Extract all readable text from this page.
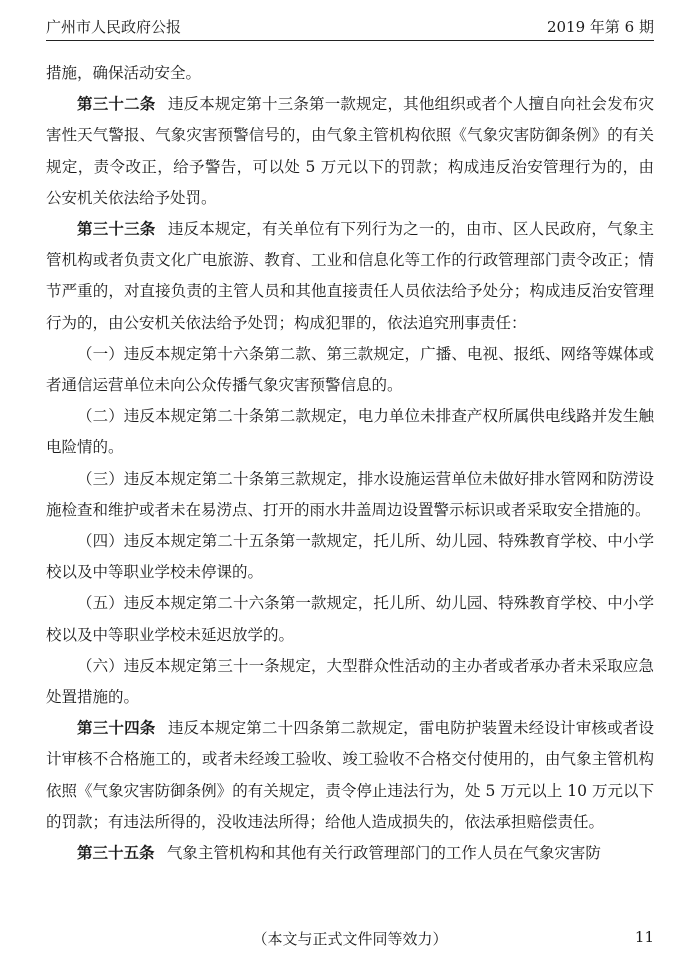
广州市人民政府公报	2019 年第 6 期

措施，确保活动安全。

第三十二条 违反本规定第十三条第一款规定，其他组织或者个人擅自向社会发布灾害性天气警报、气象灾害预警信号的，由气象主管机构依照《气象灾害防御条例》的有关规定，责令改正，给予警告，可以处 5 万元以下的罚款；构成违反治安管理行为的，由公安机关依法给予处罚。

第三十三条 违反本规定，有关单位有下列行为之一的，由市、区人民政府，气象主管机构或者负责文化广电旅游、教育、工业和信息化等工作的行政管理部门责令改正；情节严重的，对直接负责的主管人员和其他直接责任人员依法给予处分；构成违反治安管理行为的，由公安机关依法给予处罚；构成犯罪的，依法追究刑事责任：

（一）违反本规定第十六条第二款、第三款规定，广播、电视、报纸、网络等媒体或者通信运营单位未向公众传播气象灾害预警信息的。

（二）违反本规定第二十条第二款规定，电力单位未排查产权所属供电线路并发生触电险情的。

（三）违反本规定第二十条第三款规定，排水设施运营单位未做好排水管网和防涝设施检查和维护或者未在易涝点、打开的雨水井盖周边设置警示标识或者采取安全措施的。

（四）违反本规定第二十五条第一款规定，托儿所、幼儿园、特殊教育学校、中小学校以及中等职业学校未停课的。

（五）违反本规定第二十六条第一款规定，托儿所、幼儿园、特殊教育学校、中小学校以及中等职业学校未延迟放学的。

（六）违反本规定第三十一条规定，大型群众性活动的主办者或者承办者未采取应急处置措施的。

第三十四条 违反本规定第二十四条第二款规定，雷电防护装置未经设计审核或者设计审核不合格施工的，或者未经竣工验收、竣工验收不合格交付使用的，由气象主管机构依照《气象灾害防御条例》的有关规定，责令停止违法行为，处 5 万元以上 10 万元以下的罚款；有违法所得的，没收违法所得；给他人造成损失的，依法承担赔偿责任。

第三十五条 气象主管机构和其他有关行政管理部门的工作人员在气象灾害防

（本文与正式文件同等效力）	11
